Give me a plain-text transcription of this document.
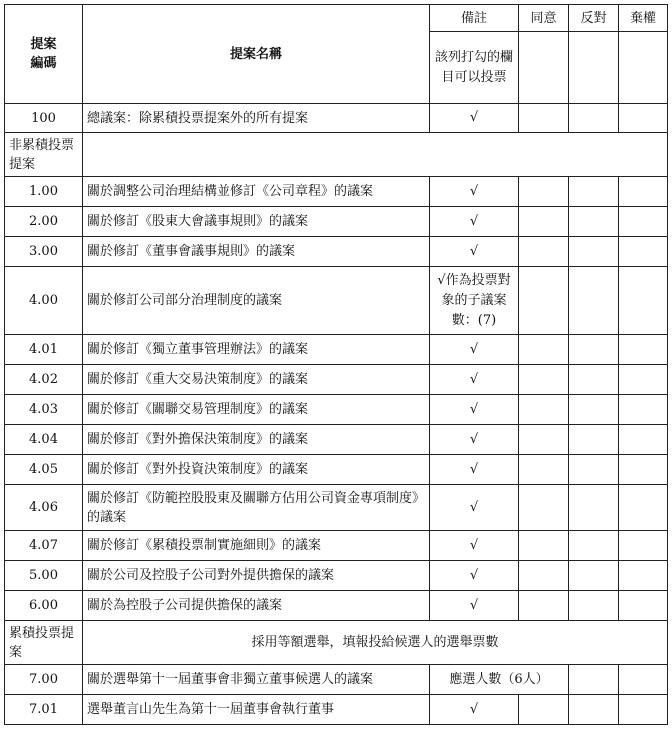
提案
編碼	提案名稱	備註	同意	反對	棄權
		該列打勾的欄目可以投票			
100	總議案：除累積投票提案外的所有提案	√			
非累積投票提案					
1.00	關於調整公司治理結構並修訂《公司章程》的議案	√			
2.00	關於修訂《股東大會議事規則》的議案	√			
3.00	關於修訂《董事會議事規則》的議案	√			
4.00	關於修訂公司部分治理制度的議案	√作為投票對象的子議案數：(7)			
4.01	關於修訂《獨立董事管理辦法》的議案	√			
4.02	關於修訂《重大交易決策制度》的議案	√			
4.03	關於修訂《關聯交易管理制度》的議案	√			
4.04	關於修訂《對外擔保決策制度》的議案	√			
4.05	關於修訂《對外投資決策制度》的議案	√			
4.06	關於修訂《防範控股股東及關聯方佔用公司資金專項制度》的議案	√			
4.07	關於修訂《累積投票制實施細則》的議案	√			
5.00	關於公司及控股子公司對外提供擔保的議案	√			
6.00	關於為控股子公司提供擔保的議案	√			
累積投票提案	採用等額選舉，填報投給候選人的選舉票數				
7.00	關於選舉第十一屆董事會非獨立董事候選人的議案	應選人數（6人）			
7.01	選舉董言山先生為第十一屆董事會執行董事	√			
